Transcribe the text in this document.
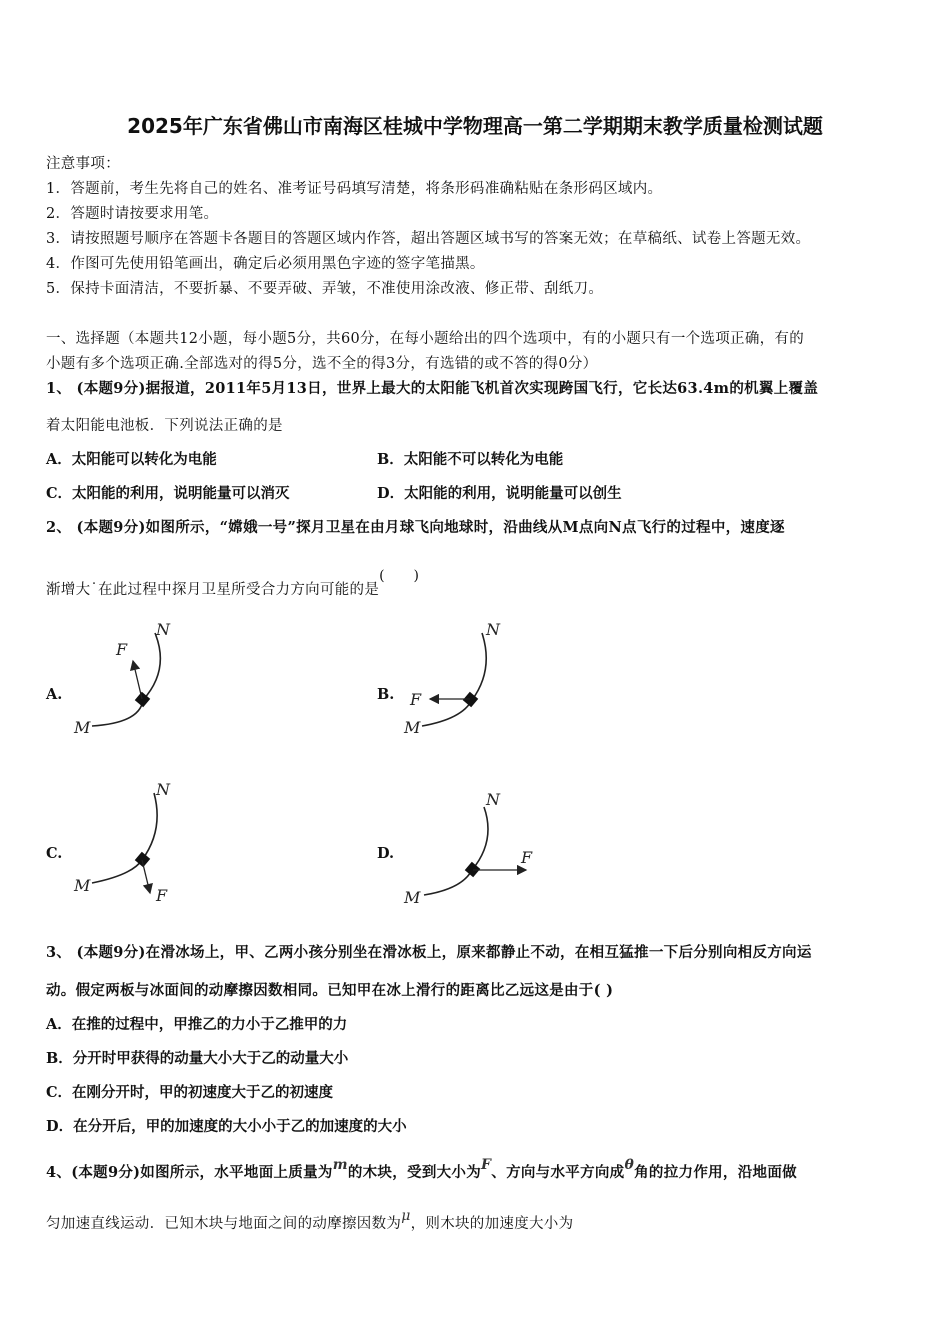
2025年广东省佛山市南海区桂城中学物理高一第二学期期末教学质量检测试题
注意事项：
1．答题前，考生先将自己的姓名、准考证号码填写清楚，将条形码准确粘贴在条形码区域内。
2．答题时请按要求用笔。
3．请按照题号顺序在答题卡各题目的答题区域内作答，超出答题区域书写的答案无效；在草稿纸、试卷上答题无效。
4．作图可先使用铅笔画出，确定后必须用黑色字迹的签字笔描黑。
5．保持卡面清洁，不要折暴、不要弄破、弄皱，不准使用涂改液、修正带、刮纸刀。
一、选择题（本题共12小题，每小题5分，共60分，在每小题给出的四个选项中，有的小题只有一个选项正确，有的
小题有多个选项正确.全部选对的得5分，选不全的得3分，有选错的或不答的得0分）
1、 (本题9分)据报道，2011年5月13日，世界上最大的太阳能飞机首次实现跨国飞行，它长达63.4m的机翼上覆盖
着太阳能电池板．下列说法正确的是
A．太阳能可以转化为电能	B．太阳能不可以转化为电能
C．太阳能的利用，说明能量可以消灭	D．太阳能的利用，说明能量可以创生
2、 (本题9分)如图所示，“嫦娥一号”探月卫星在由月球飞向地球时，沿曲线从M点向N点飞行的过程中，速度逐
渐增大˙在此过程中探月卫星所受合力方向可能的是(　　)
A.	B.
C.	D.
F
M
N
F
M
N
F
M
N
F
M
N
3、 (本题9分)在滑冰场上，甲、乙两小孩分别坐在滑冰板上，原来都静止不动，在相互猛推一下后分别向相反方向运
动。假定两板与冰面间的动摩擦因数相同。已知甲在冰上滑行的距离比乙远这是由于( )
A．在推的过程中，甲推乙的力小于乙推甲的力
B．分开时甲获得的动量大小大于乙的动量大小
C．在刚分开时，甲的初速度大于乙的初速度
D．在分开后，甲的加速度的大小小于乙的加速度的大小
4、(本题9分)如图所示，水平地面上质量为m的木块，受到大小为F、方向与水平方向成θ角的拉力作用，沿地面做
匀加速直线运动．已知木块与地面之间的动摩擦因数为μ，则木块的加速度大小为
